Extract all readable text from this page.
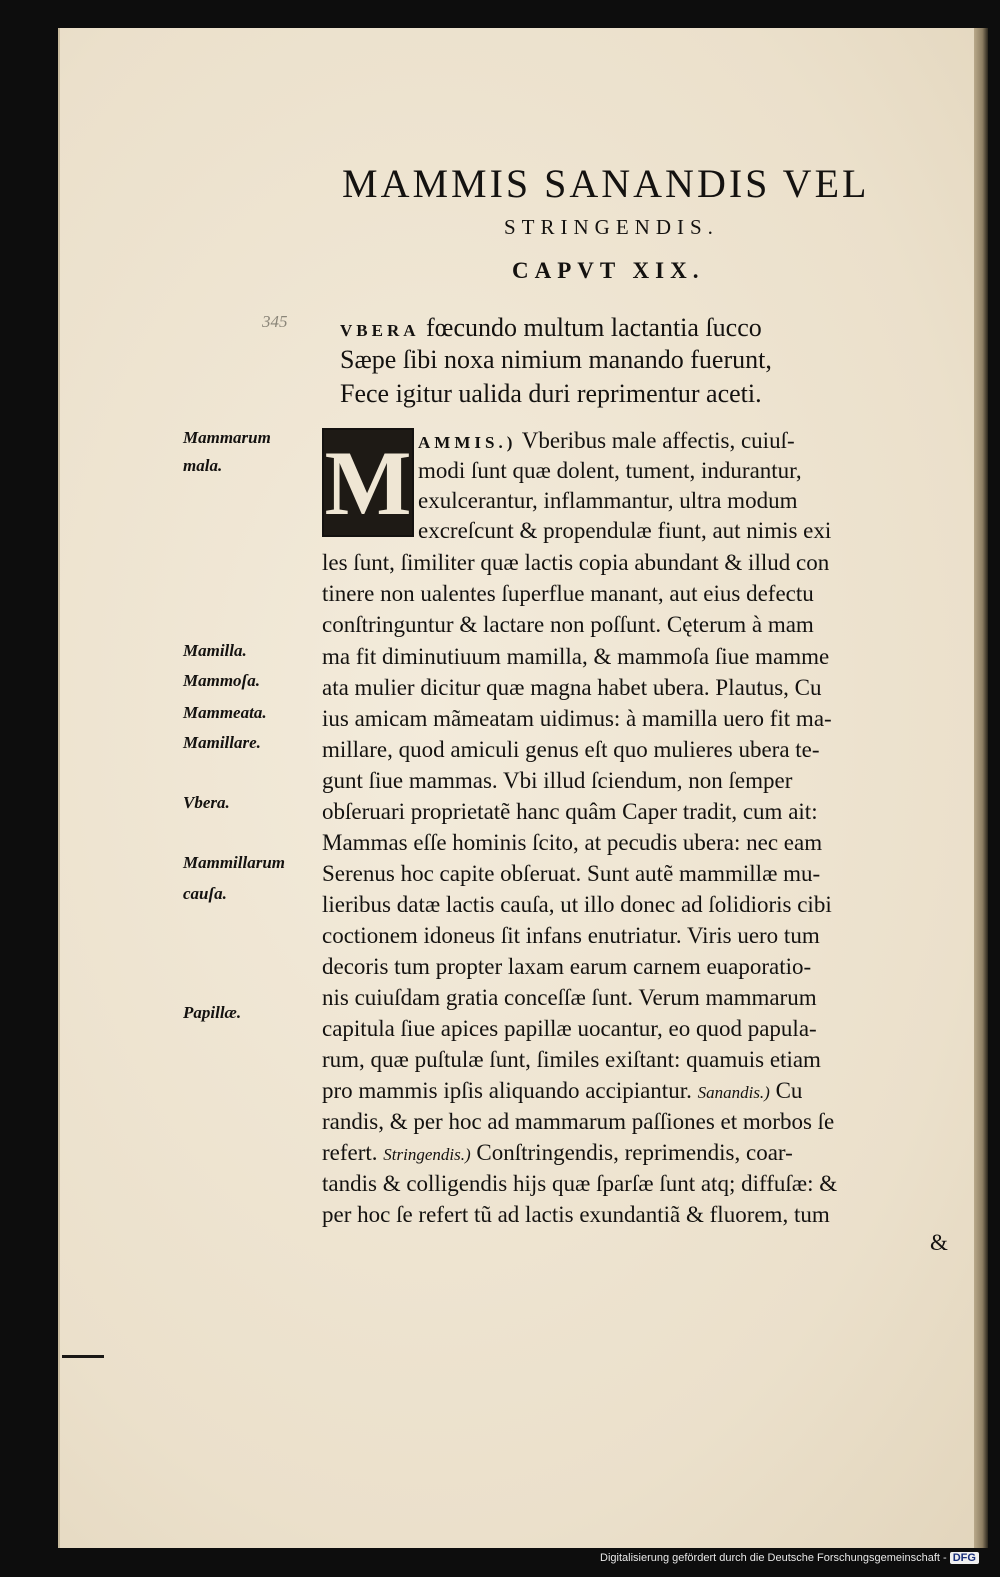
MAMMIS SANANDIS VEL
STRINGENDIS.
CAPVT XIX.
345	VBERA fœcundo multum lactantia ſucco
Sæpe ſibi noxa nimium manando fuerunt,
Fece igitur ualida duri reprimentur aceti.
M AMMIS.) Vberibus male affectis, cuiuſ-
modi ſunt quæ dolent, tument, indurantur,
exulcerantur, inflammantur, ultra modum
excreſcunt & propendulæ fiunt, aut nimis exi
les ſunt, ſimiliter quæ lactis copia abundant & illud con
tinere non ualentes ſuperflue manant, aut eius defectu
conſtringuntur & lactare non poſſunt. Cęterum à mam
ma fit diminutiuum mamilla, & mammoſa ſiue mamme
ata mulier dicitur quæ magna habet ubera. Plautus, Cu
ius amicam mãmeatam uidimus: à mamilla uero fit ma-
millare, quod amiculi genus eſt quo mulieres ubera te-
gunt ſiue mammas. Vbi illud ſciendum, non ſemper
obſeruari proprietatẽ hanc quâm Caper tradit, cum ait:
Mammas eſſe hominis ſcito, at pecudis ubera: nec eam
Serenus hoc capite obſeruat. Sunt autẽ mammillæ mu-
lieribus datæ lactis cauſa, ut illo donec ad ſolidioris cibi
coctionem idoneus ſit infans enutriatur. Viris uero tum
decoris tum propter laxam earum carnem euaporatio-
nis cuiuſdam gratia conceſſæ ſunt. Verum mammarum
capitula ſiue apices papillæ uocantur, eo quod papula-
rum, quæ puſtulæ ſunt, ſimiles exiſtant: quamuis etiam
pro mammis ipſis aliquando accipiantur. Sanandis.) Cu
randis, & per hoc ad mammarum paſſiones et morbos ſe
refert. Stringendis.) Conſtringendis, reprimendis, coar-
tandis & colligendis hijs quæ ſparſæ ſunt atq; diffuſæ: &
per hoc ſe refert tũ ad lactis exundantiã & fluorem, tum
&
Mammarum
mala.
Mamilla.
Mammoſa.
Mammeata.
Mamillare.
Vbera.
Mammillarum
cauſa.
Papillæ.
Digitalisierung gefördert durch die Deutsche Forschungsgemeinschaft - DFG
